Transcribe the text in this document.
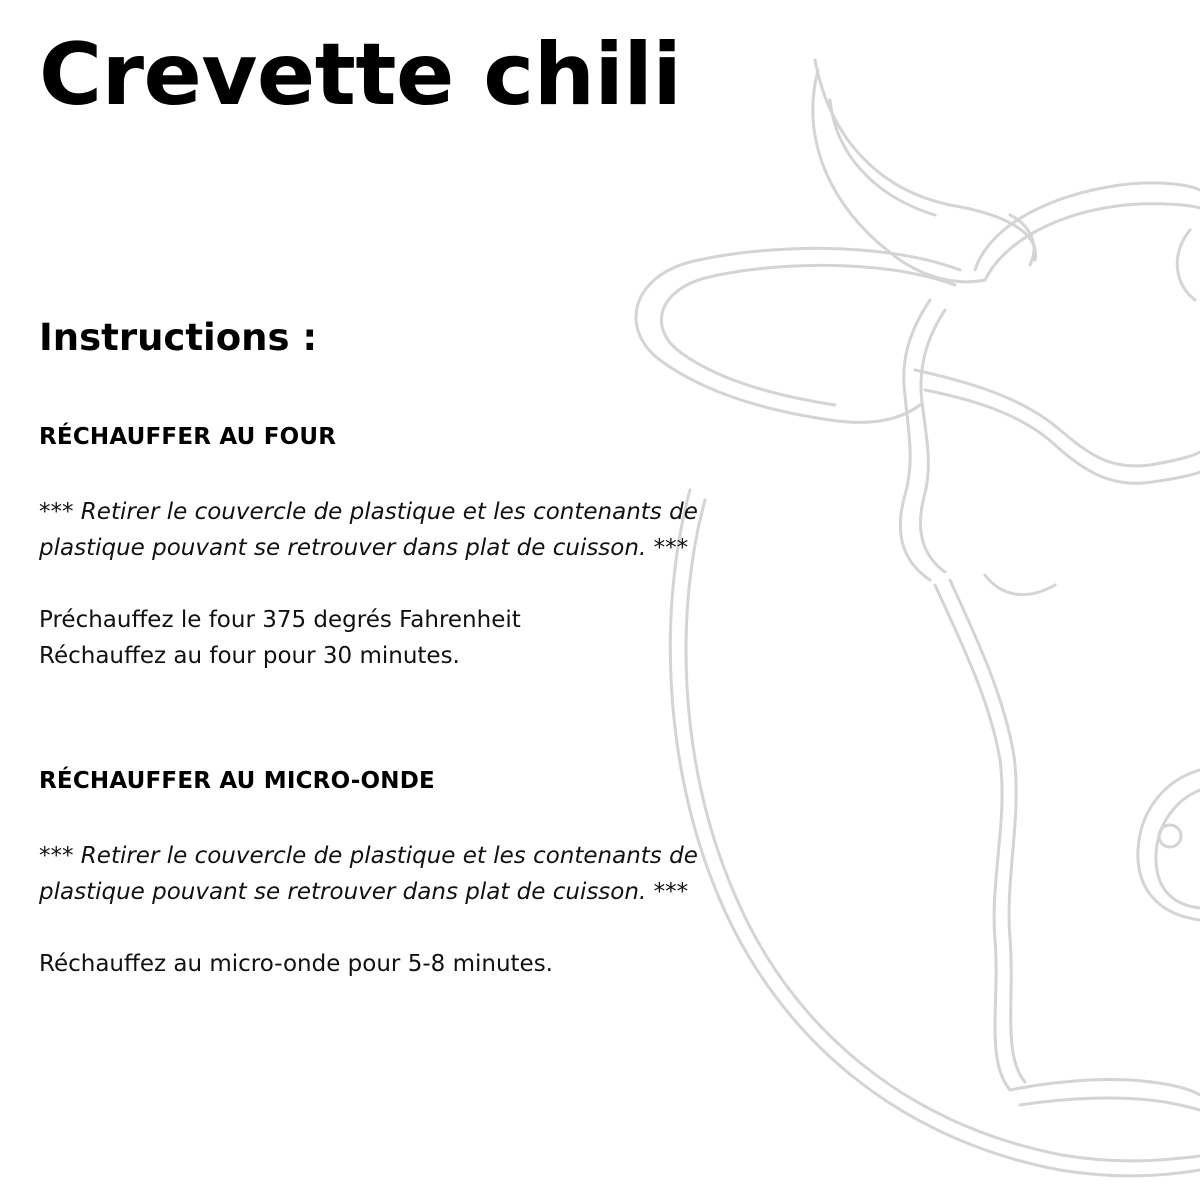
Crevette chili
Instructions :
RÉCHAUFFER AU FOUR

*** Retirer le couvercle de plastique et les contenants de
plastique pouvant se retrouver dans plat de cuisson. ***

Préchauffez le four 375 degrés Fahrenheit
Réchauffez au four pour 30 minutes.

RÉCHAUFFER AU MICRO-ONDE

*** Retirer le couvercle de plastique et les contenants de
plastique pouvant se retrouver dans plat de cuisson. ***

Réchauffez au micro-onde pour 5-8 minutes.
